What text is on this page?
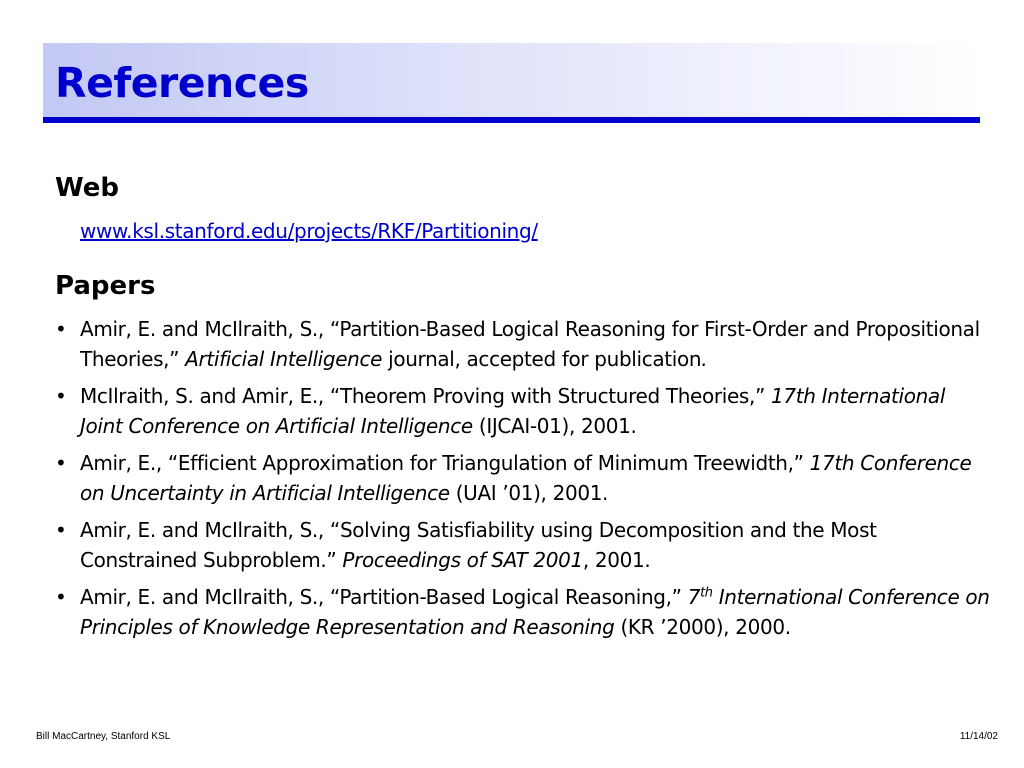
References
Web
www.ksl.stanford.edu/projects/RKF/Partitioning/
Papers
• Amir, E. and McIlraith, S., “Partition-Based Logical Reasoning for First-Order and Propositional Theories,” Artificial Intelligence journal, accepted for publication.
• McIlraith, S. and Amir, E., “Theorem Proving with Structured Theories,” 17th International Joint Conference on Artificial Intelligence (IJCAI-01), 2001.
• Amir, E., “Efficient Approximation for Triangulation of Minimum Treewidth,” 17th Conference on Uncertainty in Artificial Intelligence (UAI ’01), 2001.
• Amir, E. and McIlraith, S., “Solving Satisfiability using Decomposition and the Most Constrained Subproblem.” Proceedings of SAT 2001, 2001.
• Amir, E. and McIlraith, S., “Partition-Based Logical Reasoning,” 7th International Conference on Principles of Knowledge Representation and Reasoning (KR ’2000), 2000.
Bill MacCartney, Stanford KSL	11/14/02
